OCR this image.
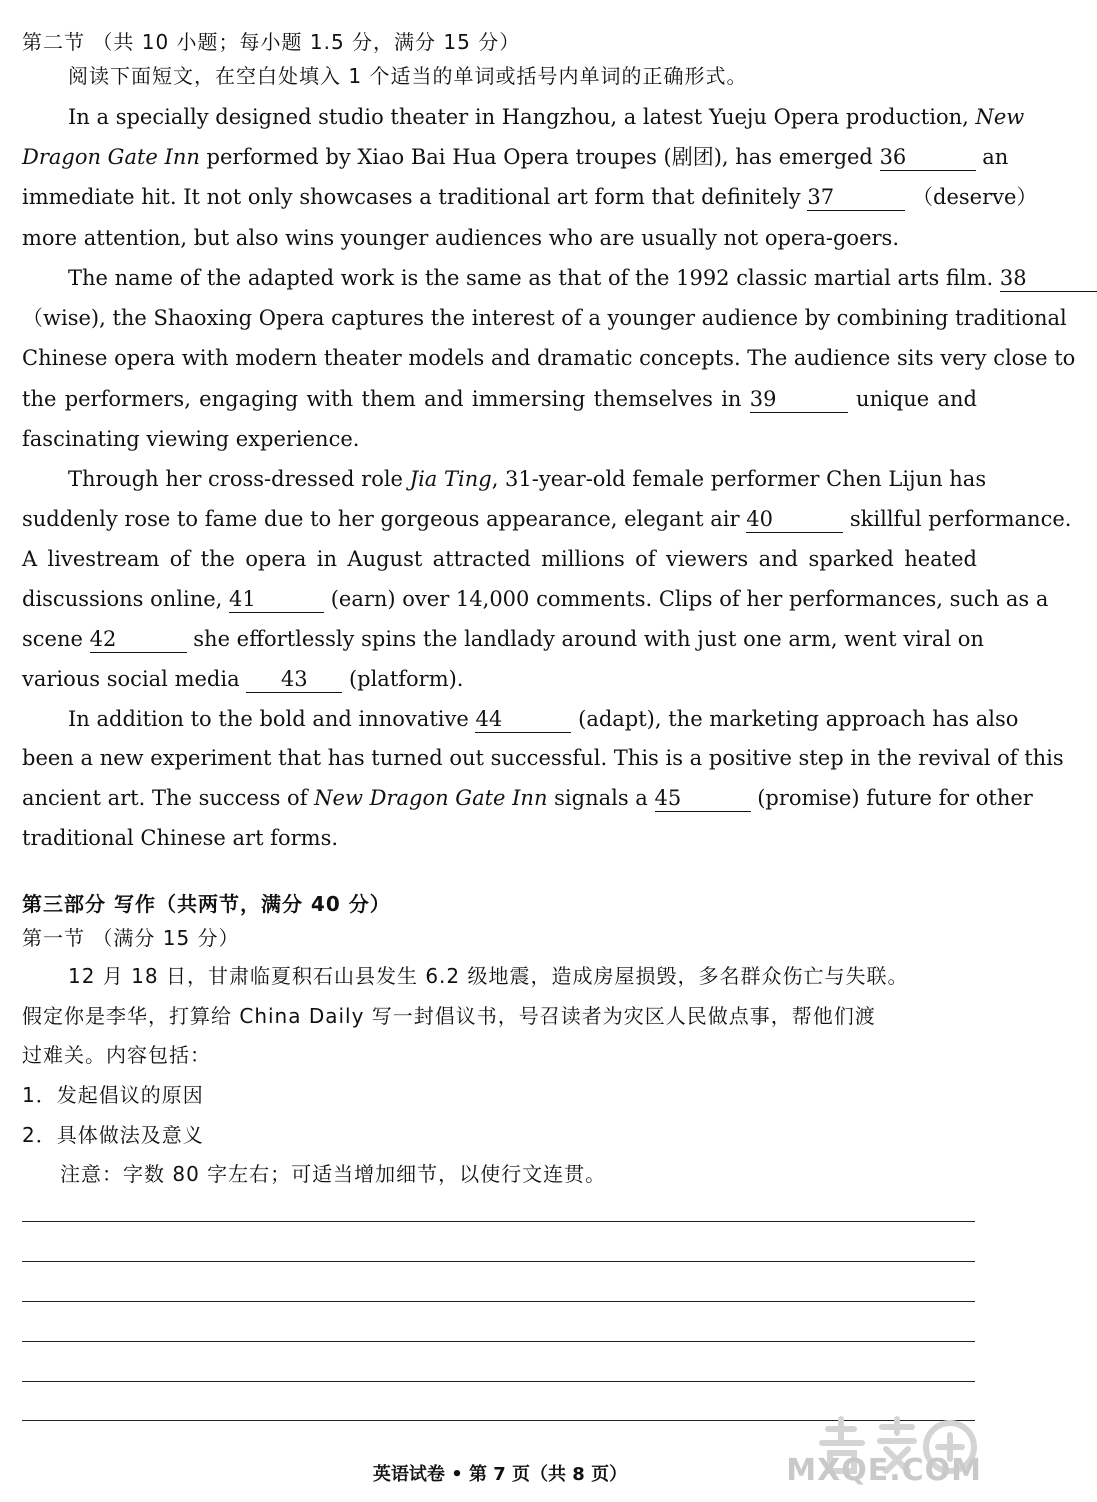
第二节 （共 10 小题；每小题 1.5 分，满分 15 分）
阅读下面短文，在空白处填入 1 个适当的单词或括号内单词的正确形式。
In a specially designed studio theater in Hangzhou, a latest Yueju Opera production, New
Dragon Gate Inn performed by Xiao Bai Hua Opera troupes (剧团), has emerged 36	an
immediate hit. It not only showcases a traditional art form that definitely 37	（deserve）
more attention, but also wins younger audiences who are usually not opera-goers.
The name of the adapted work is the same as that of the 1992 classic martial arts film. 38
（wise), the Shaoxing Opera captures the interest of a younger audience by combining traditional
Chinese opera with modern theater models and dramatic concepts. The audience sits very close to
the performers, engaging with them and immersing themselves in 39	unique and
fascinating viewing experience.
Through her cross-dressed role Jia Ting, 31-year-old female performer Chen Lijun has
suddenly rose to fame due to her gorgeous appearance, elegant air 40	skillful performance.
A livestream of the opera in August attracted millions of viewers and sparked heated
discussions online, 41	(earn) over 14,000 comments. Clips of her performances, such as a
scene 42	she effortlessly spins the landlady around with just one arm, went viral on
various social media 43 (platform).
In addition to the bold and innovative 44	(adapt), the marketing approach has also
been a new experiment that has turned out successful. This is a positive step in the revival of this
ancient art. The success of New Dragon Gate Inn signals a 45	(promise) future for other
traditional Chinese art forms.
第三部分 写作（共两节，满分 40 分）
第一节 （满分 15 分）
12 月 18 日，甘肃临夏积石山县发生 6.2 级地震，造成房屋损毁，多名群众伤亡与失联。
假定你是李华，打算给 China Daily 写一封倡议书，号召读者为灾区人民做点事，帮他们渡
过难关。内容包括：
1．发起倡议的原因
2．具体做法及意义
注意：字数 80 字左右；可适当增加细节，以使行文连贯。
英语试卷 • 第 7 页（共 8 页）	MXQE.COM
